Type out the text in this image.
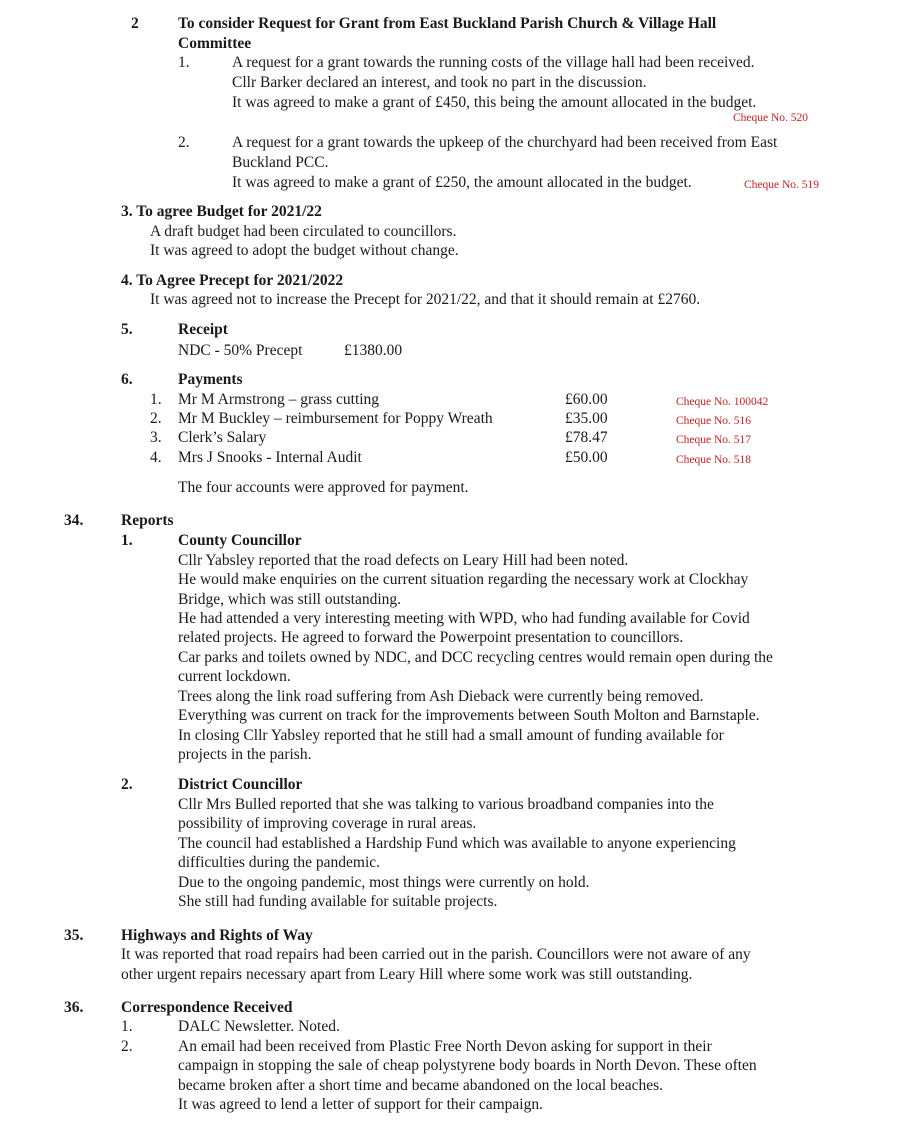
2	To consider Request for Grant from East Buckland Parish Church & Village Hall
Committee
1.	A request for a grant towards the running costs of the village hall had been received.
Cllr Barker declared an interest, and took no part in the discussion.
It was agreed to make a grant of £450, this being the amount allocated in the budget.
Cheque No. 520
2.	A request for a grant towards the upkeep of the churchyard had been received from East
Buckland PCC.
It was agreed to make a grant of £250, the amount allocated in the budget.	Cheque No. 519
3. To agree Budget for 2021/22
A draft budget had been circulated to councillors.
It was agreed to adopt the budget without change.
4. To Agree Precept for 2021/2022
It was agreed not to increase the Precept for 2021/22, and that it should remain at £2760.
5.	Receipt
NDC - 50% Precept	£1380.00
6.	Payments
1. Mr M Armstrong – grass cutting	£60.00	Cheque No. 100042
2. Mr M Buckley – reimbursement for Poppy Wreath	£35.00	Cheque No. 516
3. Clerk’s Salary	£78.47	Cheque No. 517
4. Mrs J Snooks - Internal Audit	£50.00	Cheque No. 518
The four accounts were approved for payment.
34. Reports
1.	County Councillor
Cllr Yabsley reported that the road defects on Leary Hill had been noted.
He would make enquiries on the current situation regarding the necessary work at Clockhay
Bridge, which was still outstanding.
He had attended a very interesting meeting with WPD, who had funding available for Covid
related projects. He agreed to forward the Powerpoint presentation to councillors.
Car parks and toilets owned by NDC, and DCC recycling centres would remain open during the
current lockdown.
Trees along the link road suffering from Ash Dieback were currently being removed.
Everything was current on track for the improvements between South Molton and Barnstaple.
In closing Cllr Yabsley reported that he still had a small amount of funding available for
projects in the parish.
2.	District Councillor
Cllr Mrs Bulled reported that she was talking to various broadband companies into the
possibility of improving coverage in rural areas.
The council had established a Hardship Fund which was available to anyone experiencing
difficulties during the pandemic.
Due to the ongoing pandemic, most things were currently on hold.
She still had funding available for suitable projects.
35. Highways and Rights of Way
It was reported that road repairs had been carried out in the parish. Councillors were not aware of any
other urgent repairs necessary apart from Leary Hill where some work was still outstanding.
36. Correspondence Received
1.	DALC Newsletter. Noted.
2.	An email had been received from Plastic Free North Devon asking for support in their
campaign in stopping the sale of cheap polystyrene body boards in North Devon. These often
became broken after a short time and became abandoned on the local beaches.
It was agreed to lend a letter of support for their campaign.
